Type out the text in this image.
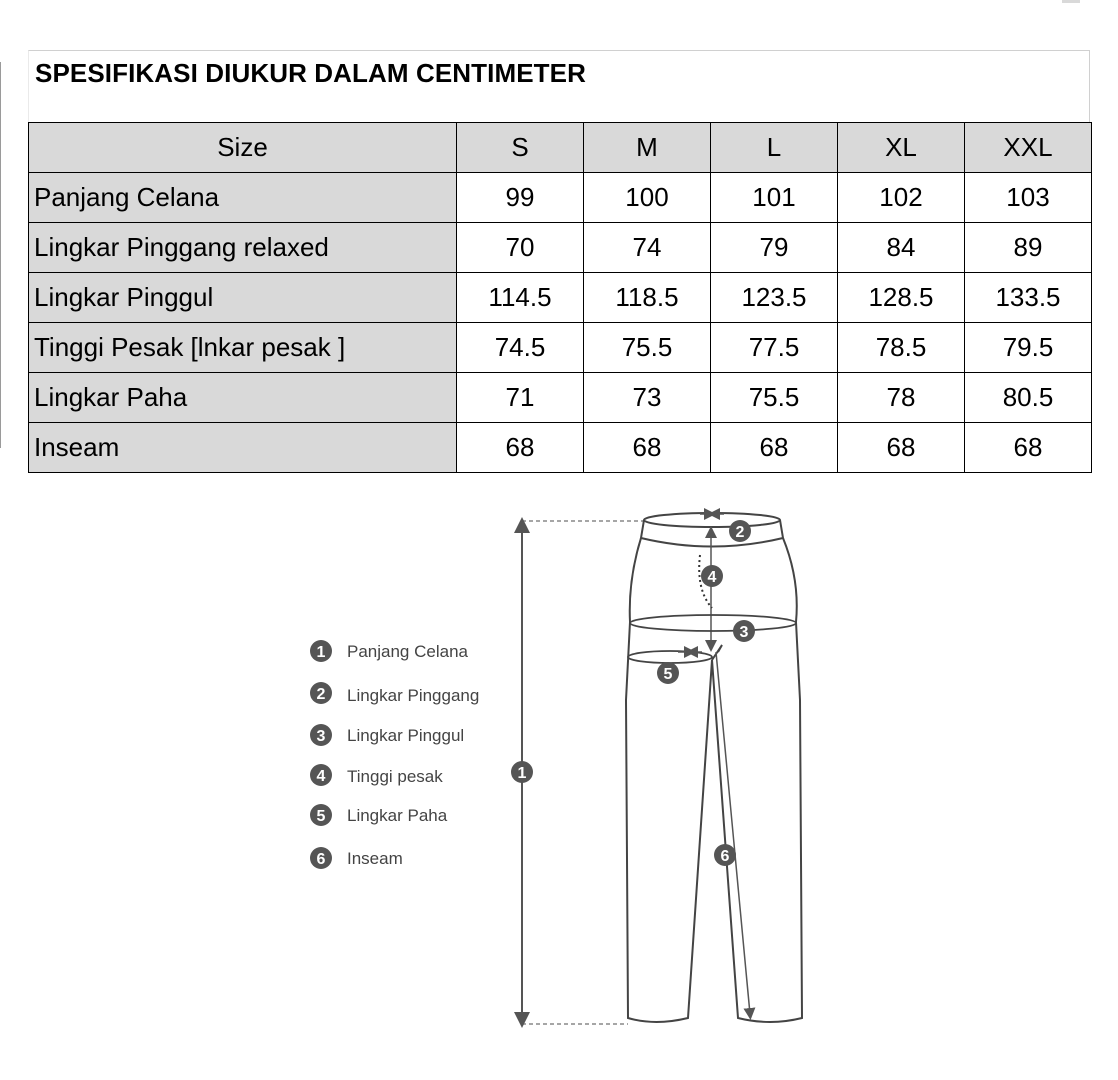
SPESIFIKASI DIUKUR DALAM CENTIMETER
Size	S	M	L	XL	XXL
Panjang Celana	99	100	101	102	103
Lingkar Pinggang relaxed	70	74	79	84	89
Lingkar Pinggul	114.5	118.5	123.5	128.5	133.5
Tinggi Pesak [lnkar pesak ]	74.5	75.5	77.5	78.5	79.5
Lingkar Paha	71	73	75.5	78	80.5
Inseam	68	68	68	68	68
1 Panjang Celana
2 Lingkar Pinggang
3 Lingkar Pinggul
4 Tinggi pesak
5 Lingkar Paha
6 Inseam
1
2
3
4
5
6
